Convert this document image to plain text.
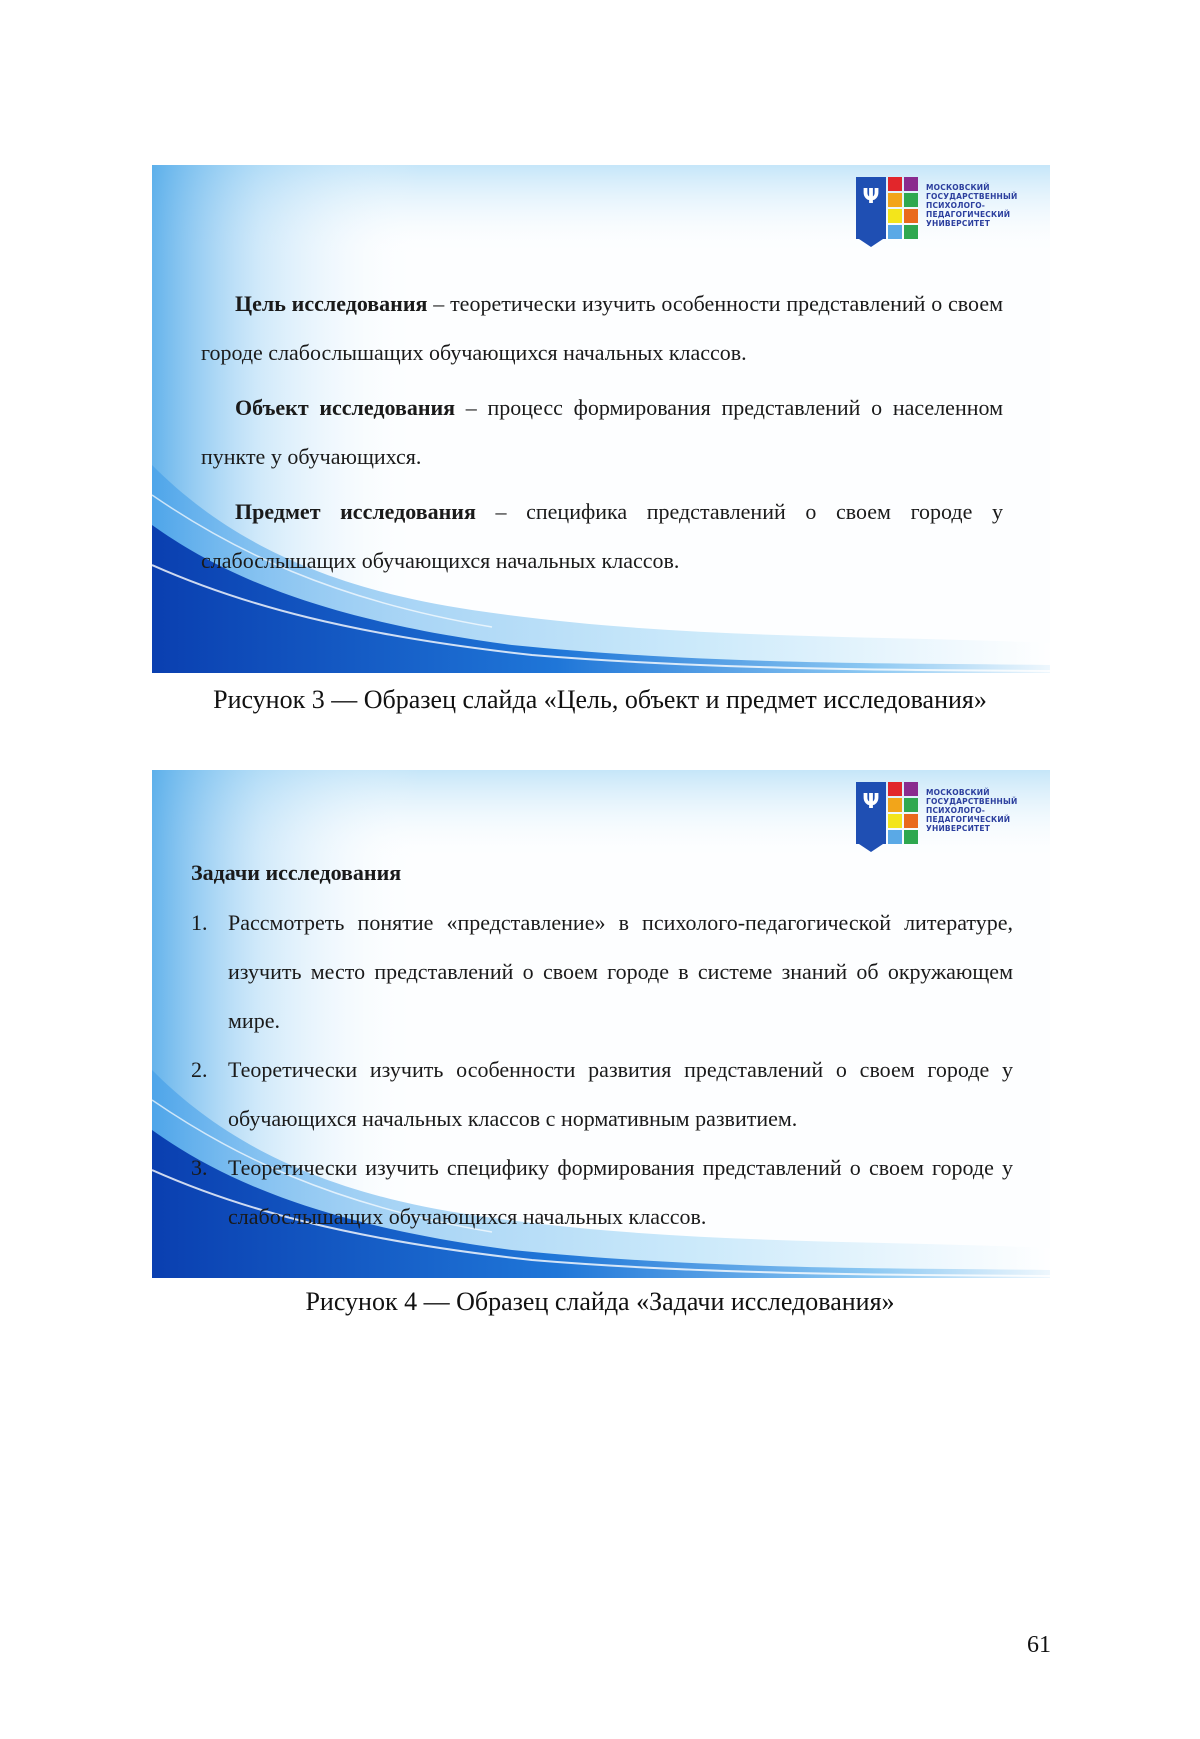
Ψ	МОСКОВСКИЙ
ГОСУДАРСТВЕННЫЙ
ПСИХОЛОГО-
ПЕДАГОГИЧЕСКИЙ
УНИВЕРСИТЕТ

Цель исследования – теоретически изучить особенности представлений о своем городе слабослышащих обучающихся начальных классов.

Объект исследования – процесс формирования представлений о населенном пункте у обучающихся.

Предмет исследования – специфика представлений о своем городе у слабослышащих обучающихся начальных классов.

Рисунок 3 — Образец слайда «Цель, объект и предмет исследования»
Ψ	МОСКОВСКИЙ
ГОСУДАРСТВЕННЫЙ
ПСИХОЛОГО-
ПЕДАГОГИЧЕСКИЙ
УНИВЕРСИТЕТ
Задачи исследования
1. Рассмотреть понятие «представление» в психолого-педагогической литературе, изучить место представлений о своем городе в системе знаний об окружающем мире.
2. Теоретически изучить особенности развития представлений о своем городе у обучающихся начальных классов с нормативным развитием.
3. Теоретически изучить специфику формирования представлений о своем городе у слабослышащих обучающихся начальных классов.
Рисунок 4 — Образец слайда «Задачи исследования»
61
